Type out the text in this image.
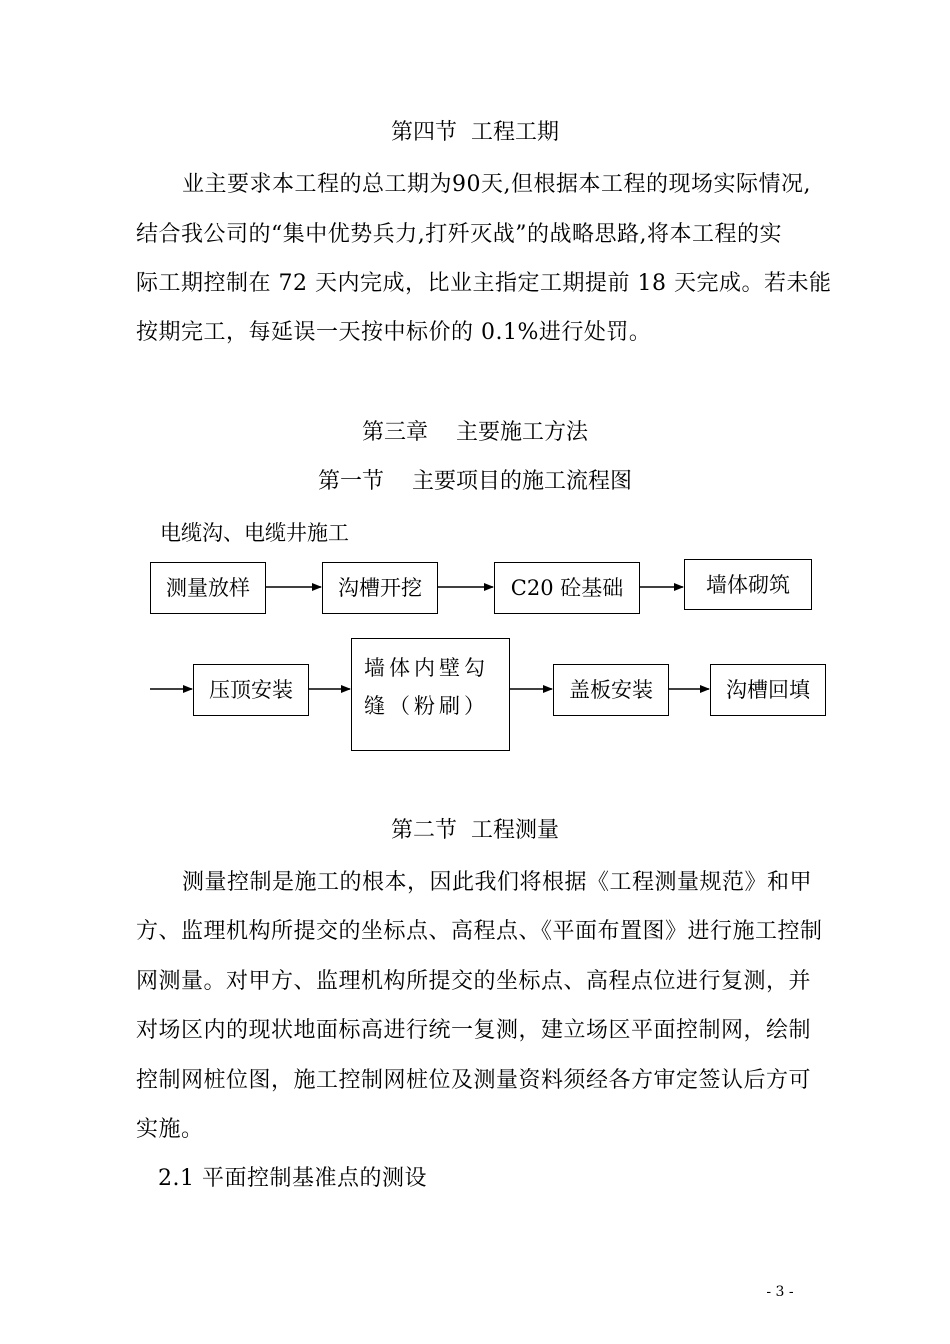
第四节  工程工期
业主要求本工程的总工期为90天,但根据本工程的现场实际情况,
结合我公司的“集中优势兵力,打歼灭战”的战略思路,将本工程的实
际工期控制在 72 天内完成，比业主指定工期提前 18 天完成。若未能
按期完工，每延误一天按中标价的 0.1%进行处罚。
第三章    主要施工方法
第一节    主要项目的施工流程图
电缆沟、电缆井施工
测量放样	沟槽开挖	C20 砼基础	墙体砌筑
压顶安装
墙体内壁勾缝（粉刷）
盖板安装	沟槽回填
第二节  工程测量
测量控制是施工的根本，因此我们将根据《工程测量规范》和甲
方、监理机构所提交的坐标点、高程点、《平面布置图》进行施工控制
网测量。对甲方、监理机构所提交的坐标点、高程点位进行复测，并
对场区内的现状地面标高进行统一复测，建立场区平面控制网，绘制
控制网桩位图，施工控制网桩位及测量资料须经各方审定签认后方可
实施。
2.1 平面控制基准点的测设
- 3 -
